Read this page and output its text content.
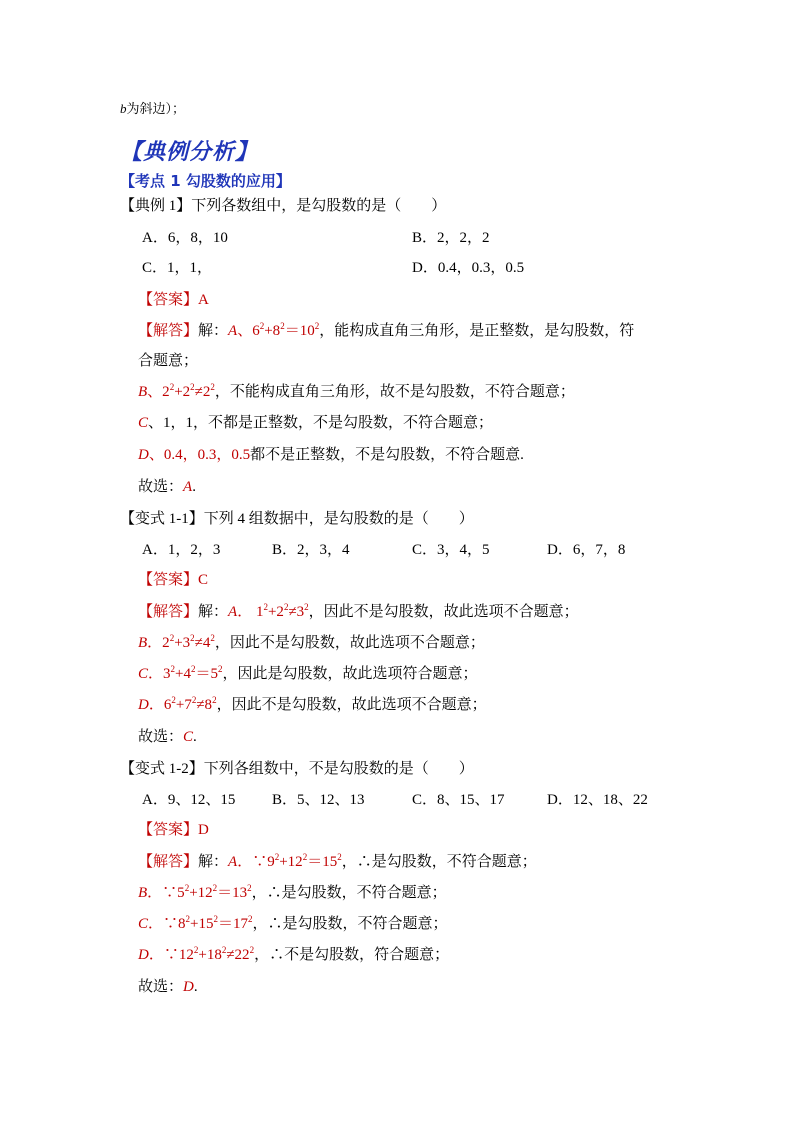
b为斜边）；
【典例分析】
【考点 1 勾股数的应用】
【典例 1】下列各数组中，是勾股数的是（　　）
A．6，8，10	B．2，2，2
C．1，1，	D．0.4，0.3，0.5
【答案】A
【解答】解：A、$6^2+8^2=10^2$，能构成直角三角形，是正整数，是勾股数，符
合题意；
B、$2^2+2^2\ne 2^2$，不能构成直角三角形，故不是勾股数，不符合题意；
C、1，1，不都是正整数，不是勾股数，不符合题意；
D、0.4，0.3，0.5都不是正整数，不是勾股数，不符合题意.
故选：A.
【变式 1-1】下列 4 组数据中，是勾股数的是（　　）
A．1，2，3	B．2，3，4	C．3，4，5	D．6，7，8
【答案】C
【解答】解：A． $1^2+2^2\ne 3^2$，因此不是勾股数，故此选项不合题意；
B．$2^2+3^2\ne 4^2$，因此不是勾股数，故此选项不合题意；
C．$3^2+4^2=5^2$，因此是勾股数，故此选项符合题意；
D．$6^2+7^2\ne 8^2$，因此不是勾股数，故此选项不合题意；
故选：C.
【变式 1-2】下列各组数中，不是勾股数的是（　　）
A．9、12、15 B．5、12、13	C．8、15、17	D．12、18、22
【答案】D
【解答】解：A．$\because 9^2+12^2=15^2$，∴是勾股数，不符合题意；
B．$\because 5^2+12^2=13^2$，∴是勾股数，不符合题意；
C．$\because 8^2+15^2=17^2$，∴是勾股数，不符合题意；
D．$\because 12^2+18^2\ne 22^2$，∴不是勾股数，符合题意；
故选：D.
